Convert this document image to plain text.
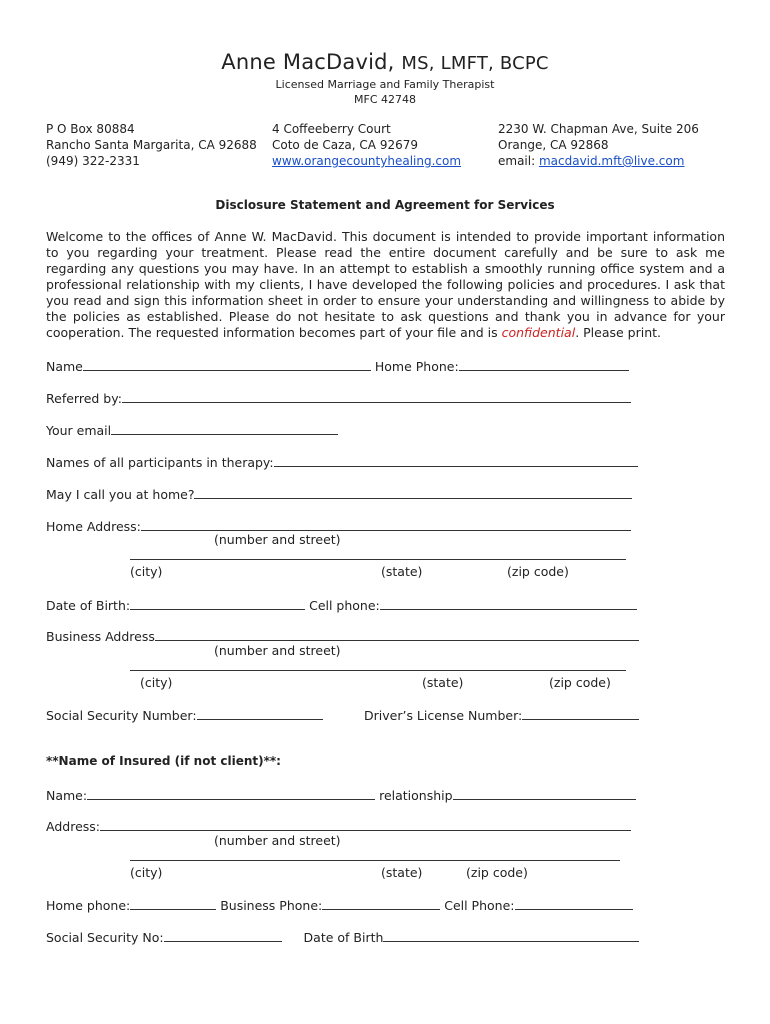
Anne MacDavid, MS, LMFT, BCPC
Licensed Marriage and Family Therapist
MFC 42748
P O Box 80884
Rancho Santa Margarita, CA 92688
(949) 322-2331
4 Coffeeberry Court
Coto de Caza, CA 92679
www.orangecountyhealing.com
2230 W. Chapman Ave, Suite 206
Orange, CA 92868
email: macdavid.mft@live.com
Disclosure Statement and Agreement for Services
Welcome to the offices of Anne W. MacDavid. This document is intended to provide important information to you regarding your treatment. Please read the entire document carefully and be sure to ask me regarding any questions you may have. In an attempt to establish a smoothly running office system and a professional relationship with my clients, I have developed the following policies and procedures. I ask that you read and sign this information sheet in order to ensure your understanding and willingness to abide by the policies as established. Please do not hesitate to ask questions and thank you in advance for your cooperation. The requested information becomes part of your file and is confidential. Please print.
Name	Home Phone:
Referred by:
Your email
Names of all participants in therapy:
May I call you at home?
Home Address:
(number and street)
(city)	(state)	(zip code)
Date of Birth:	Cell phone:
Business Address
(number and street)
(city)	(state)	(zip code)
Social Security Number:	Driver’s License Number:
**Name of Insured (if not client)**:
Name:	relationship
Address:
(number and street)
(city)	(state)	(zip code)
Home phone:	Business Phone:	Cell Phone:
Social Security No:	Date of Birth
